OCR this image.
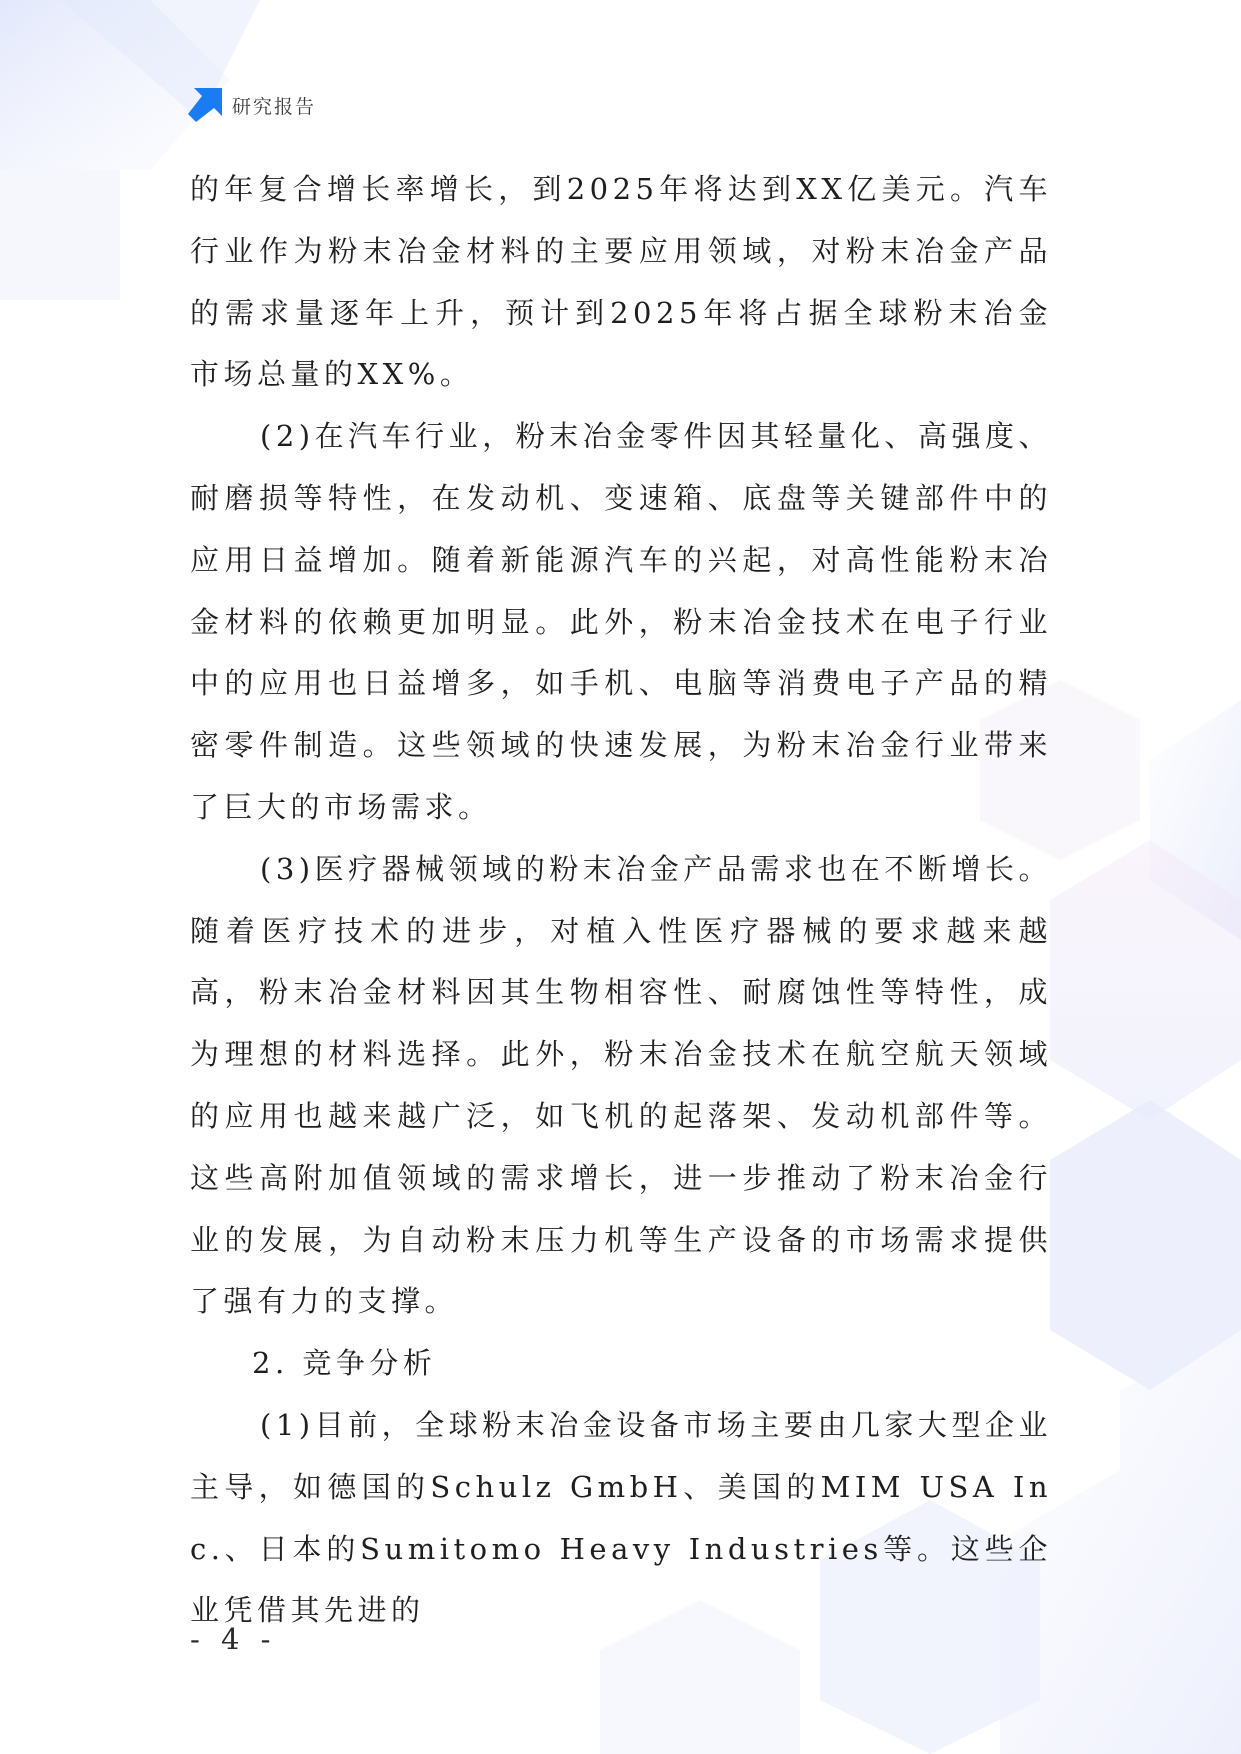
研究报告

的年复合增长率增长，到2025年将达到XX亿美元。汽车行业作为粉末冶金材料的主要应用领域，对粉末冶金产品的需求量逐年上升，预计到2025年将占据全球粉末冶金市场总量的XX%。

(2)在汽车行业，粉末冶金零件因其轻量化、高强度、耐磨损等特性，在发动机、变速箱、底盘等关键部件中的应用日益增加。随着新能源汽车的兴起，对高性能粉末冶金材料的依赖更加明显。此外，粉末冶金技术在电子行业中的应用也日益增多，如手机、电脑等消费电子产品的精密零件制造。这些领域的快速发展，为粉末冶金行业带来了巨大的市场需求。

(3)医疗器械领域的粉末冶金产品需求也在不断增长。随着医疗技术的进步，对植入性医疗器械的要求越来越高，粉末冶金材料因其生物相容性、耐腐蚀性等特性，成为理想的材料选择。此外，粉末冶金技术在航空航天领域的应用也越来越广泛，如飞机的起落架、发动机部件等。这些高附加值领域的需求增长，进一步推动了粉末冶金行业的发展，为自动粉末压力机等生产设备的市场需求提供了强有力的支撑。

2. 竞争分析

(1)目前，全球粉末冶金设备市场主要由几家大型企业主导，如德国的Schulz GmbH、美国的MIM USA Inc.、日本的Sumitomo Heavy Industries等。这些企业凭借其先进的

- 4 -
